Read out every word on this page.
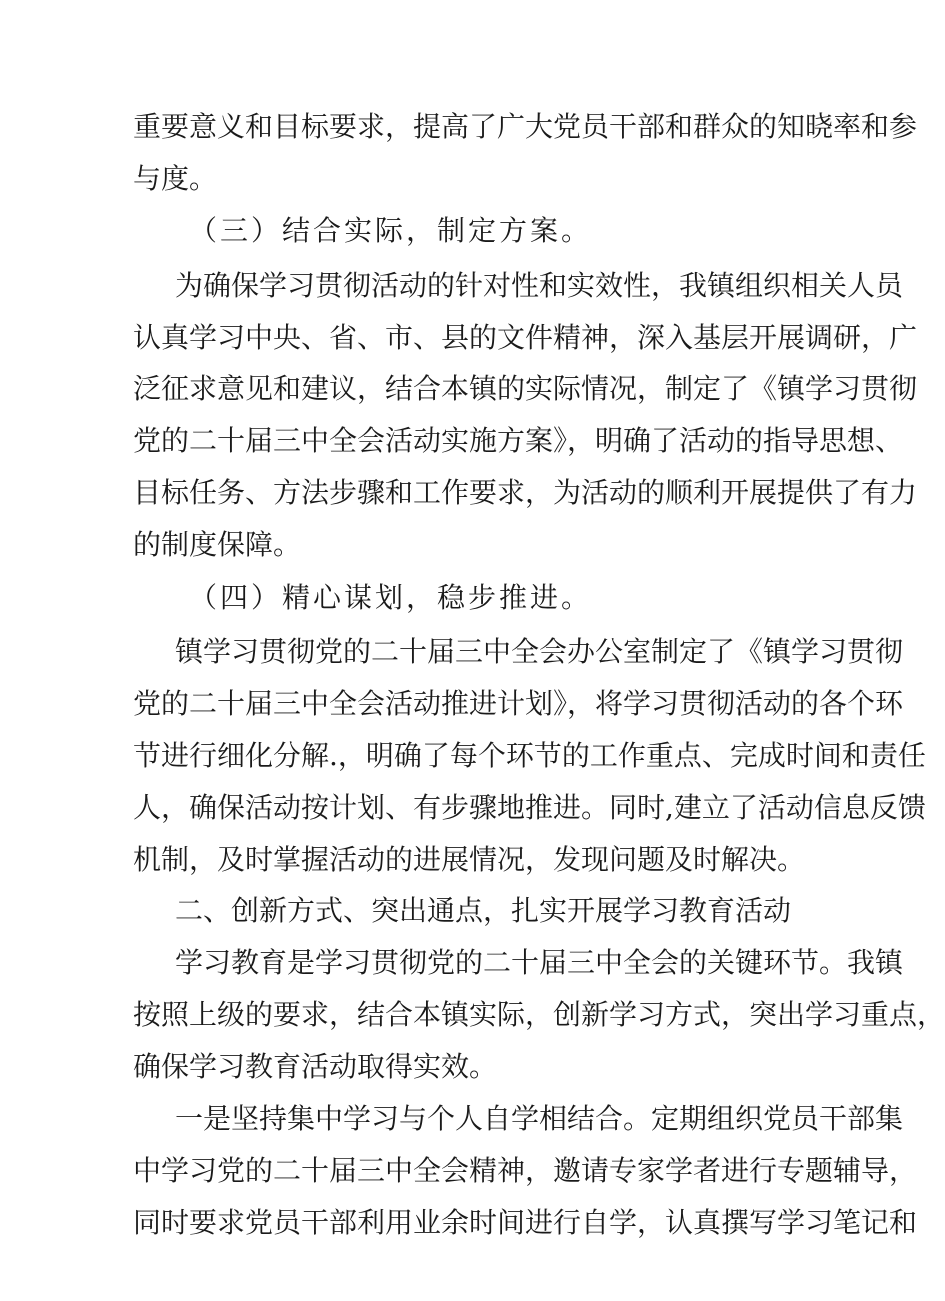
重要意义和目标要求，提高了广大党员干部和群众的知晓率和参
与度。
（三）结合实际，制定方案。
为确保学习贯彻活动的针对性和实效性，我镇组织相关人员
认真学习中央、省、市、县的文件精神，深入基层开展调研，广
泛征求意见和建议，结合本镇的实际情况，制定了《镇学习贯彻
党的二十届三中全会活动实施方案》，明确了活动的指导思想、
目标任务、方法步骤和工作要求，为活动的顺利开展提供了有力
的制度保障。
（四）精心谋划，稳步推进。
镇学习贯彻党的二十届三中全会办公室制定了《镇学习贯彻
党的二十届三中全会活动推进计划》，将学习贯彻活动的各个环
节进行细化分解.，明确了每个环节的工作重点、完成时间和责任
人，确保活动按计划、有步骤地推进。同时,建立了活动信息反馈
机制，及时掌握活动的进展情况，发现问题及时解决。
二、创新方式、突出通点，扎实开展学习教育活动
学习教育是学习贯彻党的二十届三中全会的关键环节。我镇
按照上级的要求，结合本镇实际，创新学习方式，突出学习重点，
确保学习教育活动取得实效。
一是坚持集中学习与个人自学相结合。定期组织党员干部集
中学习党的二十届三中全会精神，邀请专家学者进行专题辅导，
同时要求党员干部利用业余时间进行自学，认真撰写学习笔记和
